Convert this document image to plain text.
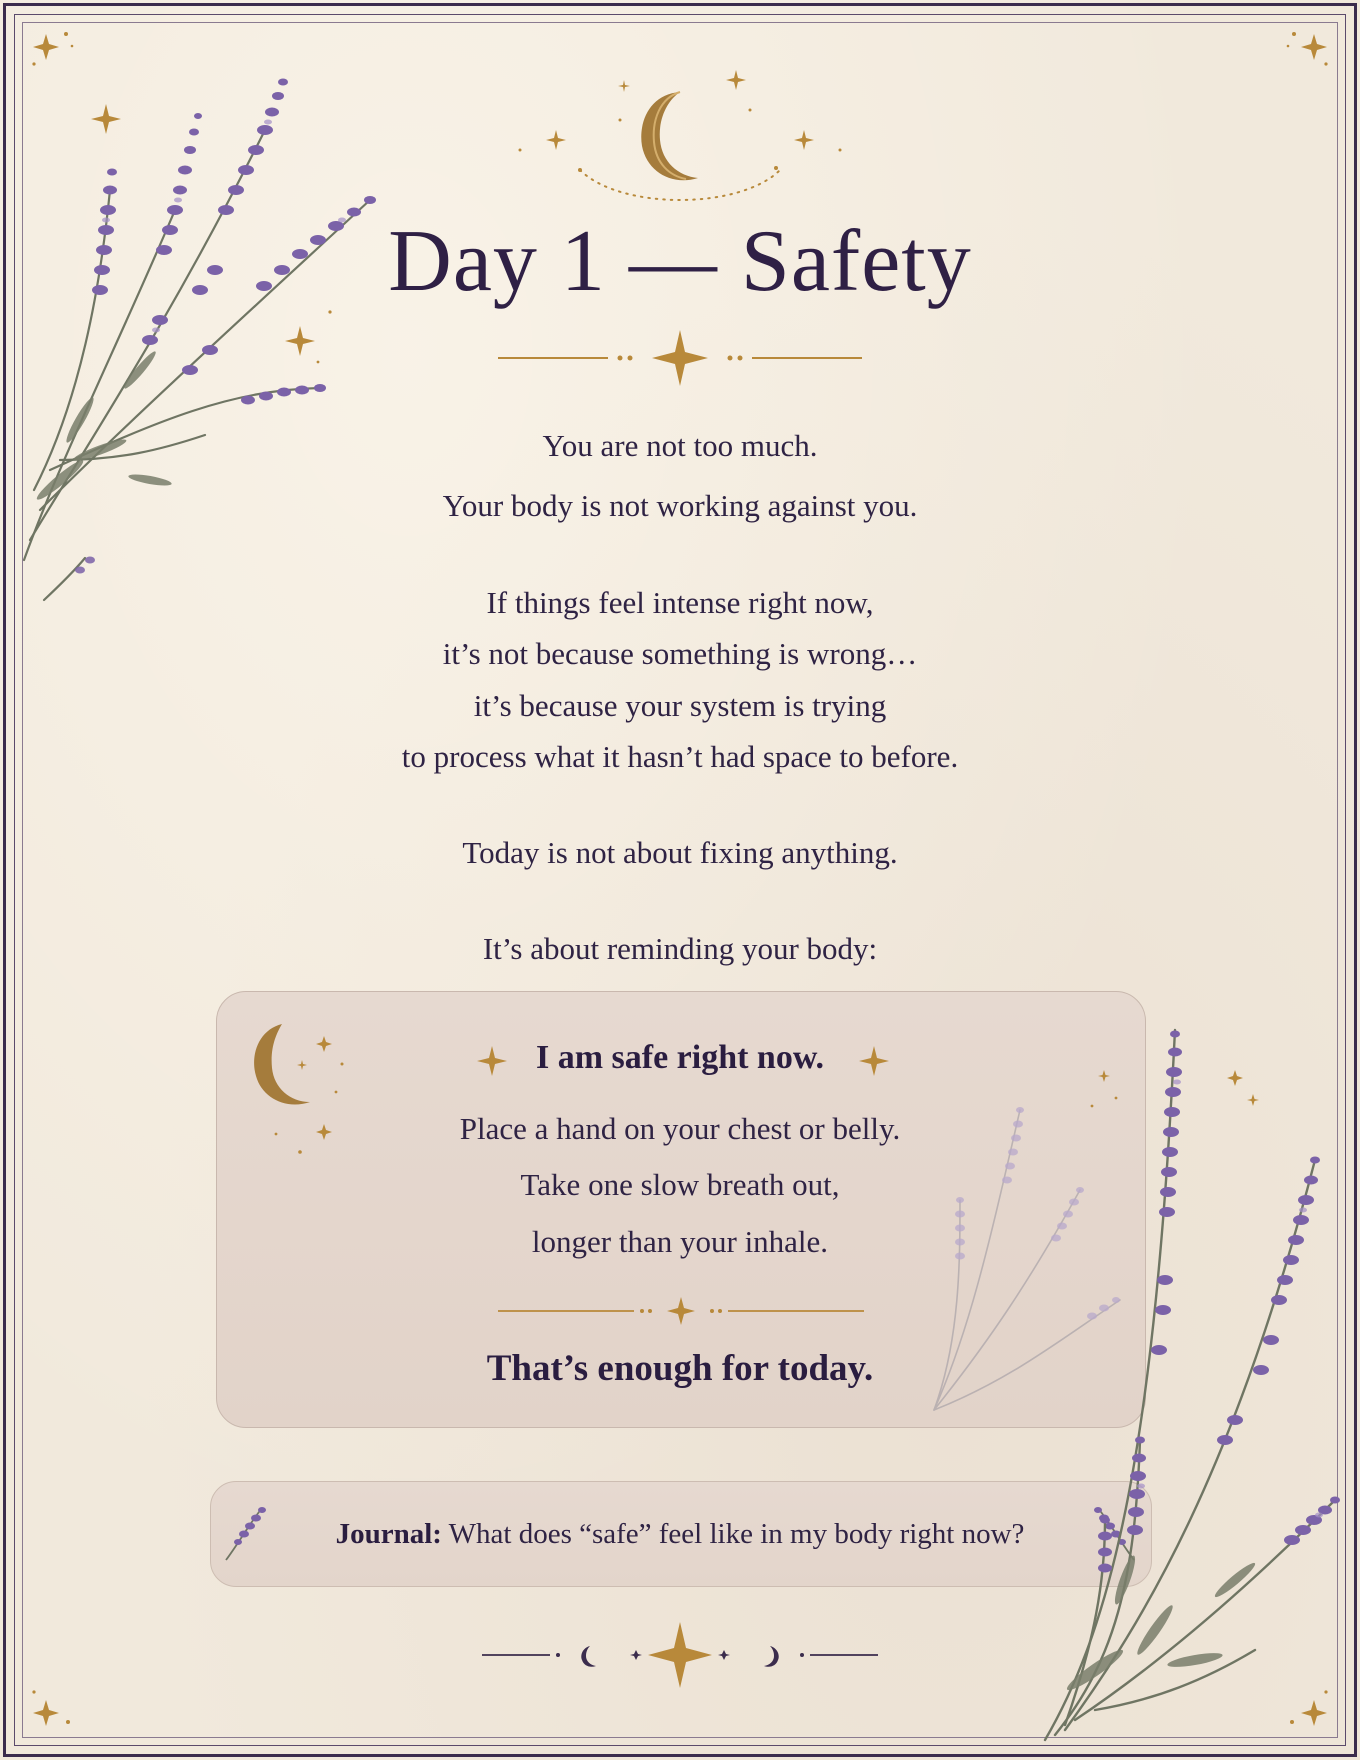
Day 1 — Safety
You are not too much.
Your body is not working against you.
If things feel intense right now,
it’s not because something is wrong…
it’s because your system is trying
to process what it hasn’t had space to before.
Today is not about fixing anything.
It’s about reminding your body:
I am safe right now.
Place a hand on your chest or belly.
Take one slow breath out,
longer than your inhale.
That’s enough for today.
Journal: What does “safe” feel like in my body right now?
